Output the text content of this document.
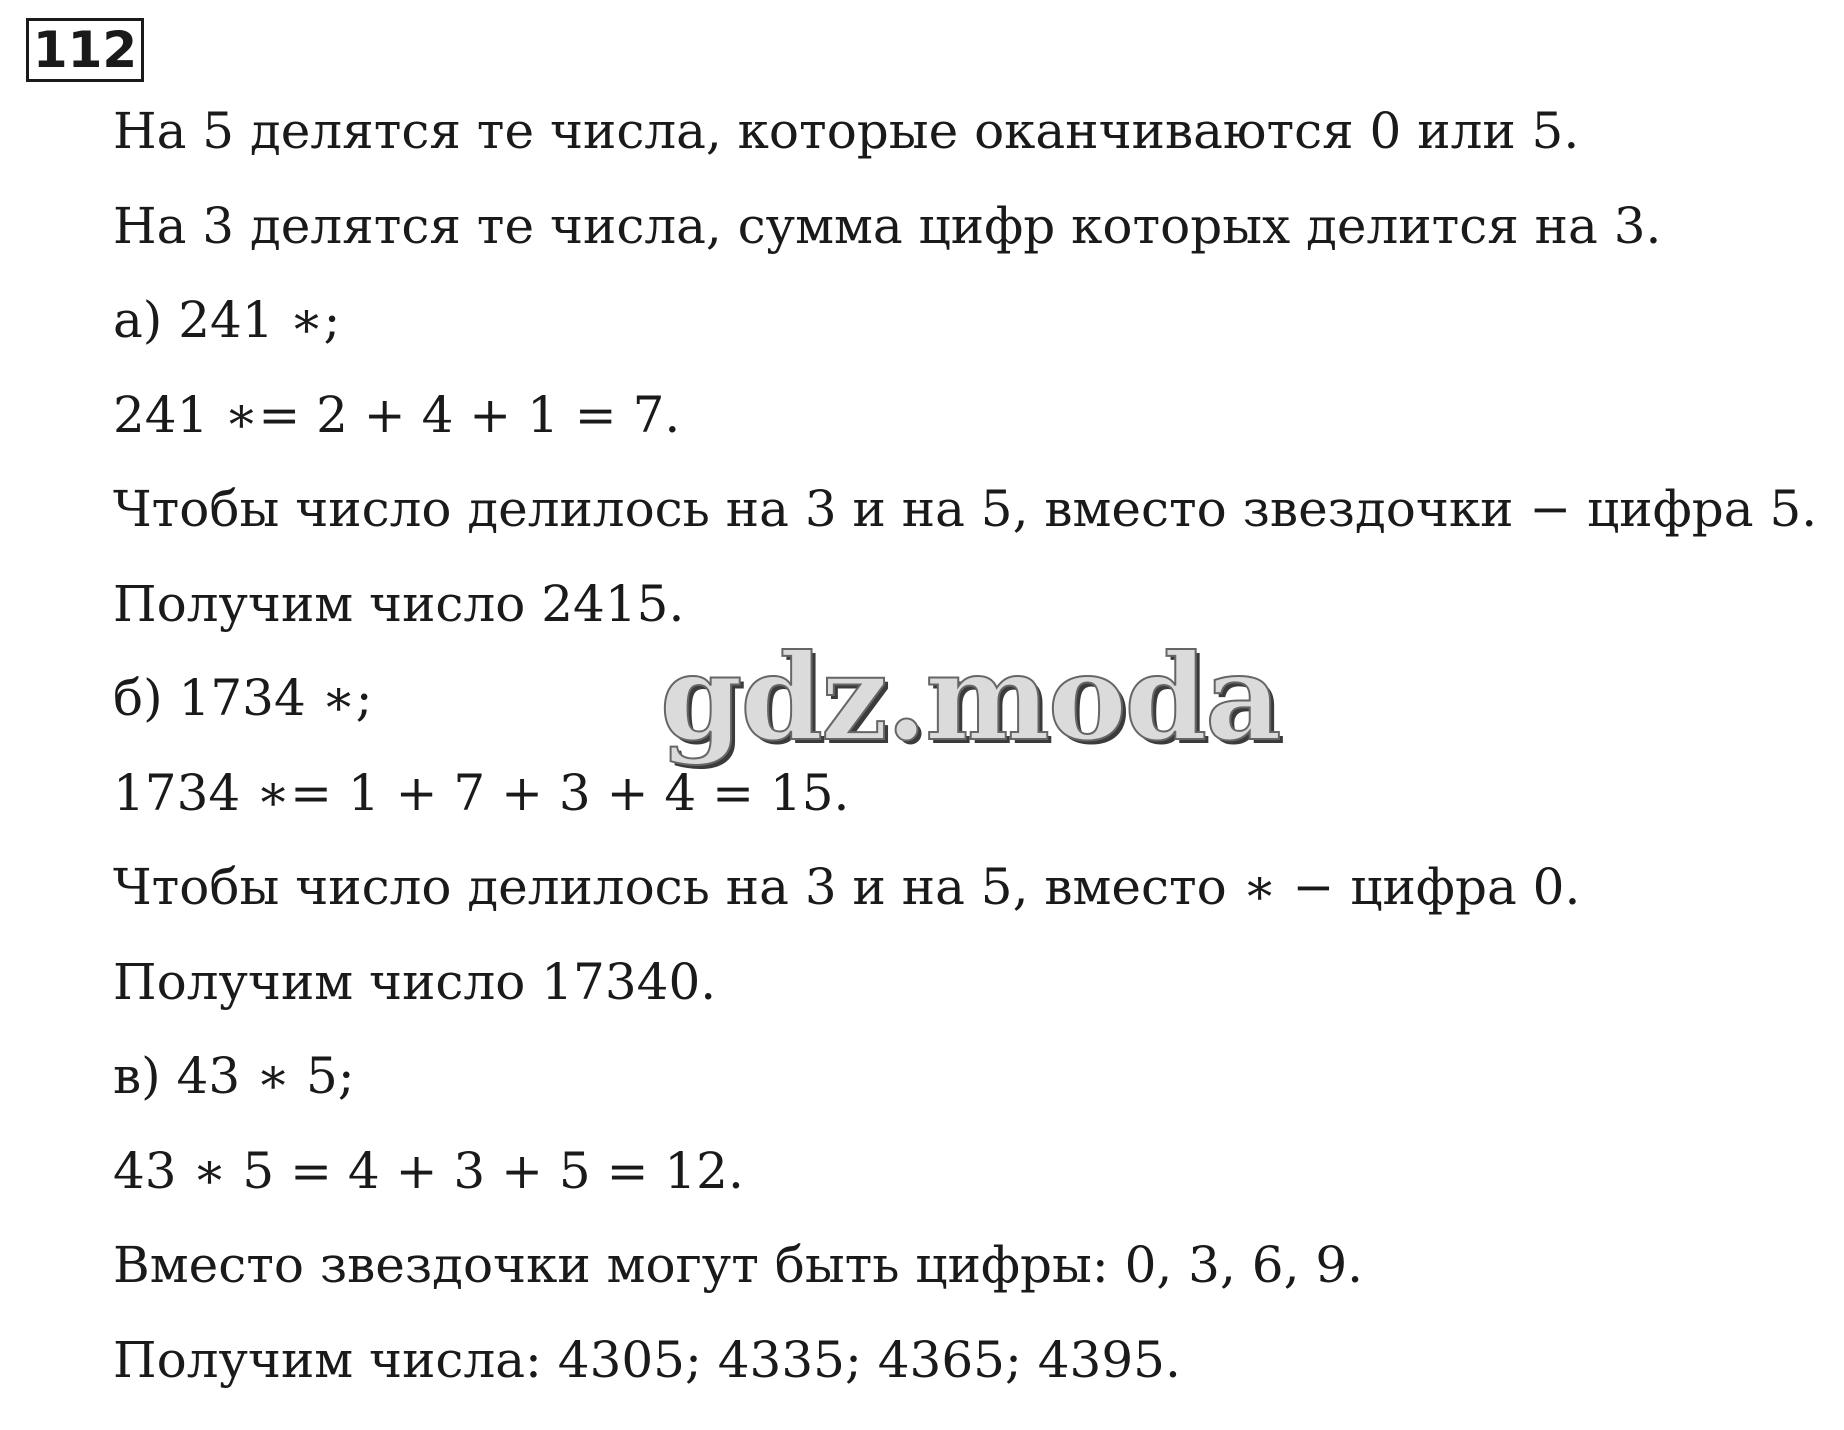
112
На 5 делятся те числа, которые оканчиваются 0 или 5.
На 3 делятся те числа, сумма цифр которых делится на 3.
а) 241 ∗;
241 ∗= 2 + 4 + 1 = 7.
Чтобы число делилось на 3 и на 5, вместо звездочки − цифра 5.
Получим число 2415.
б) 1734 ∗;
1734 ∗= 1 + 7 + 3 + 4 = 15.
Чтобы число делилось на 3 и на 5, вместо ∗ − цифра 0.
Получим число 17340.
в) 43 ∗ 5;
43 ∗ 5 = 4 + 3 + 5 = 12.
Вместо звездочки могут быть цифры: 0, 3, 6, 9.
Получим числа: 4305; 4335; 4365; 4395.
gdz.moda
